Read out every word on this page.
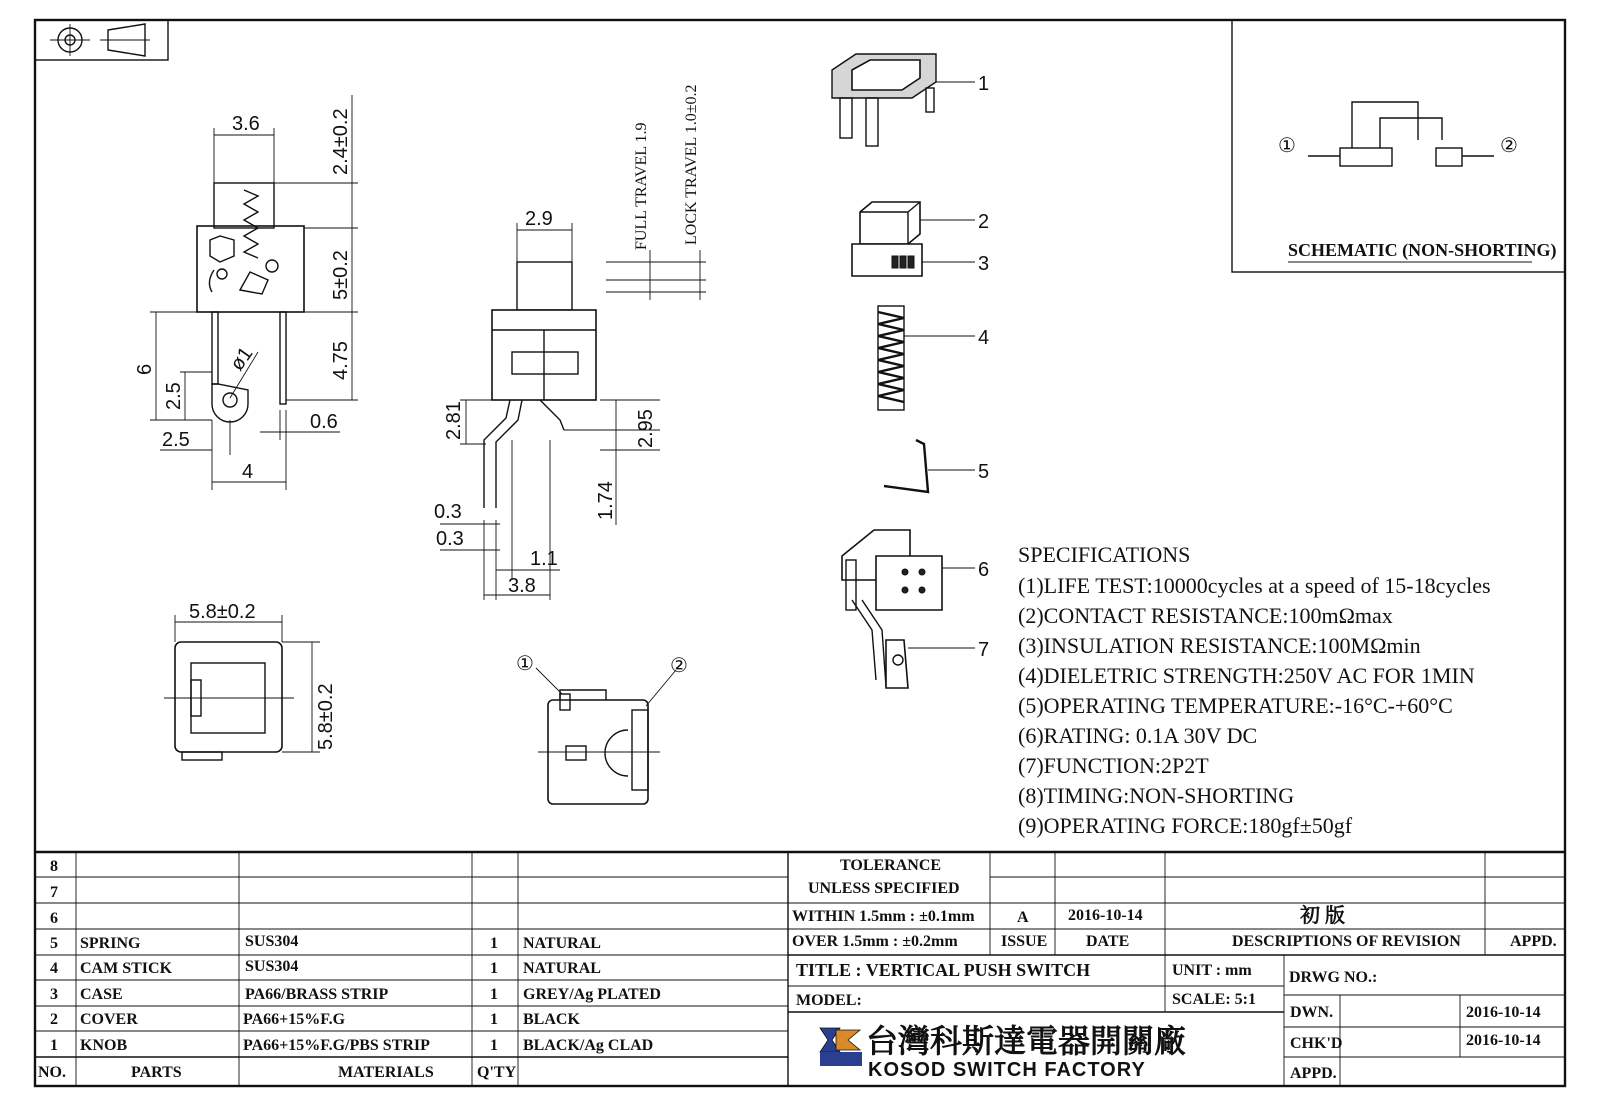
3.6	2.4±0.2
5±0.2
4.75
6	ø1
2.5
2.5
0.6
4
2.9	FULL TRAVEL 1.9 LOCK TRAVEL 1.0±0.2
2.81	2.95
1.74
0.3
0.3
1.1
3.8
5.8±0.2
5.8±0.2
①	②
1
2
3
4
5
6
7
①	②
SCHEMATIC (NON-SHORTING)
SPECIFICATIONS
(1)LIFE TEST:10000cycles at a speed of 15-18cycles
(2)CONTACT RESISTANCE:100mΩmax
(3)INSULATION RESISTANCE:100MΩmin
(4)DIELETRIC STRENGTH:250V AC FOR 1MIN
(5)OPERATING TEMPERATURE:-16°C-+60°C
(6)RATING: 0.1A 30V DC
(7)FUNCTION:2P2T
(8)TIMING:NON-SHORTING
(9)OPERATING FORCE:180gf±50gf
8
7
6
5 SPRING	SUS304	1 NATURAL
4 CAM STICK	SUS304	1 NATURAL
3 CASE	PA66/BRASS STRIP	1 GREY/Ag PLATED
2 COVER	PA66+15%F.G	1 BLACK
1 KNOB	PA66+15%F.G/PBS STRIP	1 BLACK/Ag CLAD
NO.	PARTS	MATERIALS	Q'TY
TOLERANCE
UNLESS SPECIFIED
WITHIN 1.5mm : ±0.1mm
OVER 1.5mm : ±0.2mm
A 2016-10-14	初 版
ISSUE DATE	DESCRIPTIONS OF REVISION	APPD.
TITLE : VERTICAL PUSH SWITCH	UNIT : mm DRWG NO.:
MODEL:	SCALE: 5:1
DWN.	2016-10-14
CHK'D	2016-10-14
APPD.
台灣科斯達電器開關廠
KOSOD SWITCH FACTORY
